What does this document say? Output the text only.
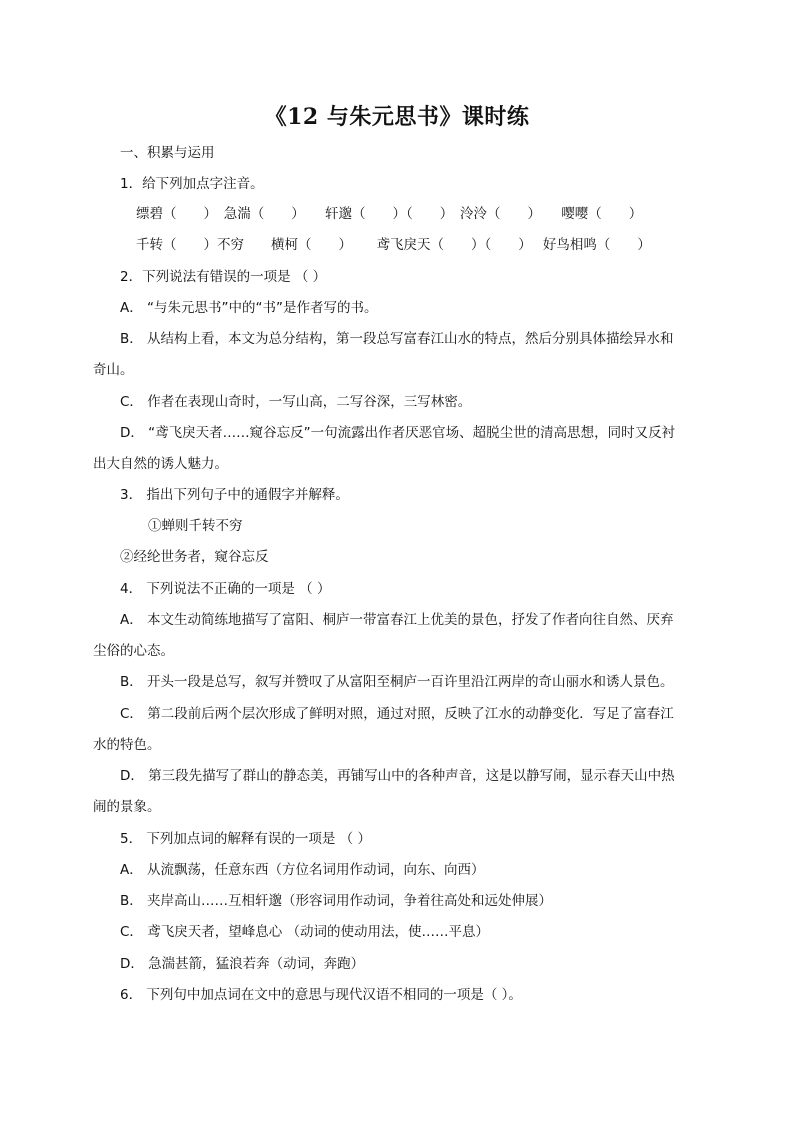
《12 与朱元思书》课时练
一、积累与运用
1．给下列加点字注音。
缥碧（　　）　急湍（　　）　　轩邈（　　）（　　）　泠泠（　　）　　嘤嘤（　　）
千转（　　）不穷　　横柯（　　）　　 鸢飞戾天（　　）（　　）　 好鸟相鸣（　　）
2．下列说法有错误的一项是 （ ）
A． “与朱元思书”中的“书”是作者写的书。
B． 从结构上看，本文为总分结构，第一段总写富春江山水的特点，然后分别具体描绘异水和
奇山。
C． 作者在表现山奇时，一写山高，二写谷深，三写林密。
D． “鸢飞戾天者……窥谷忘反”一句流露出作者厌恶官场、超脱尘世的清高思想，同时又反衬
出大自然的诱人魅力。
3． 指出下列句子中的通假字并解释。
①蝉则千转不穷
②经纶世务者，窥谷忘反
4． 下列说法不正确的一项是 （ ）
A． 本文生动简练地描写了富阳、桐庐一带富春江上优美的景色，抒发了作者向往自然、厌弃
尘俗的心态。
B． 开头一段是总写，叙写并赞叹了从富阳至桐庐一百许里沿江两岸的奇山丽水和诱人景色。
C． 第二段前后两个层次形成了鲜明对照，通过对照，反映了江水的动静变化．写足了富春江
水的特色。
D． 第三段先描写了群山的静态美，再铺写山中的各种声音，这是以静写闹，显示春天山中热
闹的景象。
5． 下列加点词的解释有误的一项是 （ ）
A． 从流飘荡，任意东西（方位名词用作动词，向东、向西）
B． 夹岸高山……互相轩邈（形容词用作动词，争着往高处和远处伸展）
C． 鸢飞戾天者，望峰息心 （动词的使动用法，使……平息）
D． 急湍甚箭，猛浪若奔（动词，奔跑）
6． 下列句中加点词在文中的意思与现代汉语不相同的一项是（ ）。
